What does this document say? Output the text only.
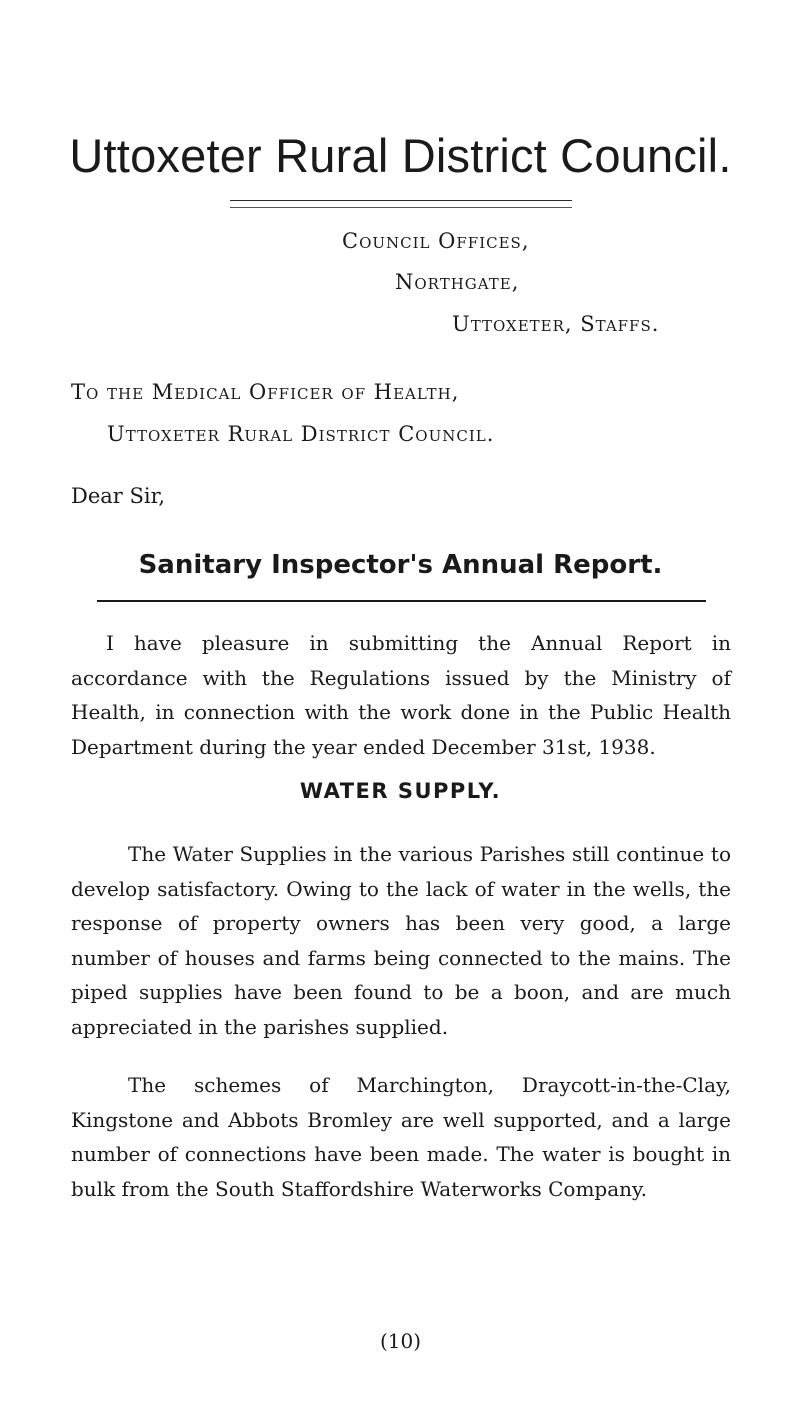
Uttoxeter Rural District Council.

Council Offices,

Northgate,

Uttoxeter, Staffs.

To the Medical Officer of Health,

Uttoxeter Rural District Council.

Dear Sir,

Sanitary Inspector's Annual Report.

I have pleasure in submitting the Annual Report in accordance with the Regulations issued by the Ministry of Health, in connection with the work done in the Public Health Department during the year ended December 31st, 1938.

WATER SUPPLY.

The Water Supplies in the various Parishes still continue to develop satisfactory. Owing to the lack of water in the wells, the response of property owners has been very good, a large number of houses and farms being connected to the mains. The piped supplies have been found to be a boon, and are much appreciated in the parishes supplied.

The schemes of Marchington, Draycott-in-the-Clay, Kingstone and Abbots Bromley are well supported, and a large number of connections have been made. The water is bought in bulk from the South Staffordshire Waterworks Company.

(10)
